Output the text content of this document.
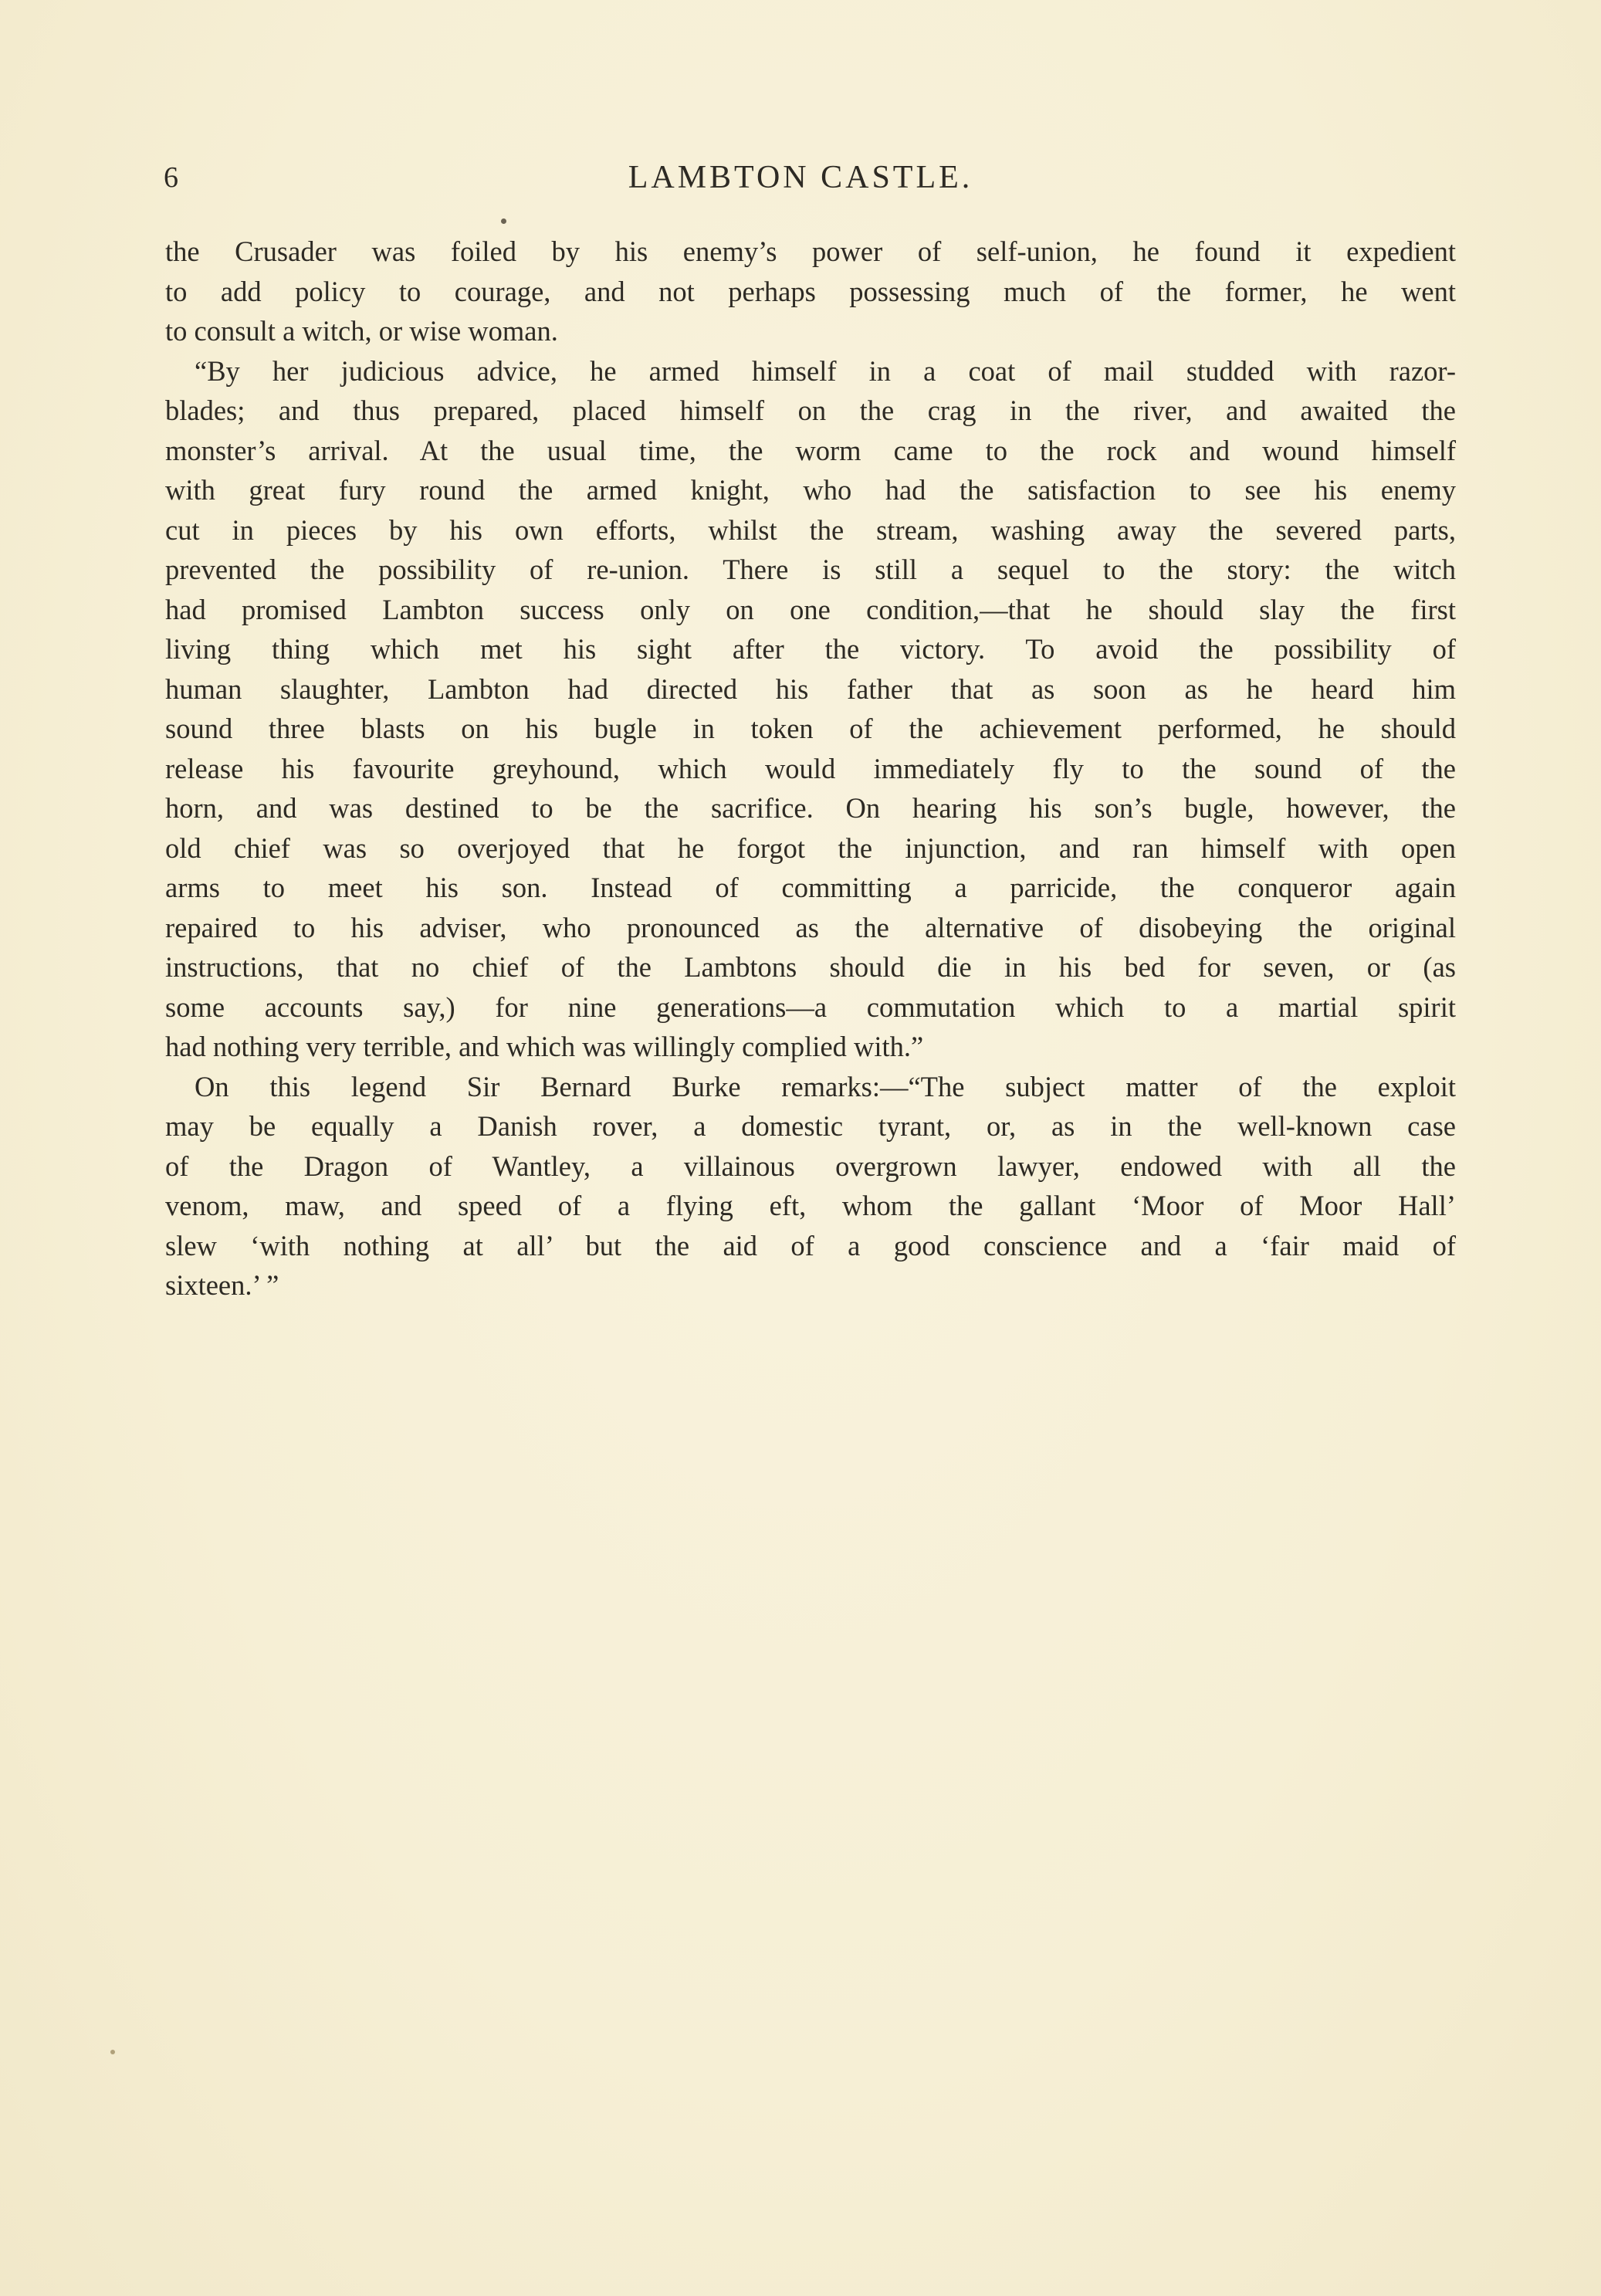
6	LAMBTON CASTLE.
the Crusader was foiled by his enemy’s power of self-union, he found it expedient
to add policy to courage, and not perhaps possessing much of the former, he went
to consult a witch, or wise woman.
“By her judicious advice, he armed himself in a coat of mail studded with razor-
blades; and thus prepared, placed himself on the crag in the river, and awaited the
monster’s arrival. At the usual time, the worm came to the rock and wound himself
with great fury round the armed knight, who had the satisfaction to see his enemy
cut in pieces by his own efforts, whilst the stream, washing away the severed parts,
prevented the possibility of re-union. There is still a sequel to the story: the witch
had promised Lambton success only on one condition,—that he should slay the first
living thing which met his sight after the victory. To avoid the possibility of
human slaughter, Lambton had directed his father that as soon as he heard him
sound three blasts on his bugle in token of the achievement performed, he should
release his favourite greyhound, which would immediately fly to the sound of the
horn, and was destined to be the sacrifice. On hearing his son’s bugle, however, the
old chief was so overjoyed that he forgot the injunction, and ran himself with open
arms to meet his son. Instead of committing a parricide, the conqueror again
repaired to his adviser, who pronounced as the alternative of disobeying the original
instructions, that no chief of the Lambtons should die in his bed for seven, or (as
some accounts say,) for nine generations—a commutation which to a martial spirit
had nothing very terrible, and which was willingly complied with.”
On this legend Sir Bernard Burke remarks:—“The subject matter of the exploit
may be equally a Danish rover, a domestic tyrant, or, as in the well-known case
of the Dragon of Wantley, a villainous overgrown lawyer, endowed with all the
venom, maw, and speed of a flying eft, whom the gallant ‘Moor of Moor Hall’
slew ‘with nothing at all’ but the aid of a good conscience and a ‘fair maid of
sixteen.’ ”
